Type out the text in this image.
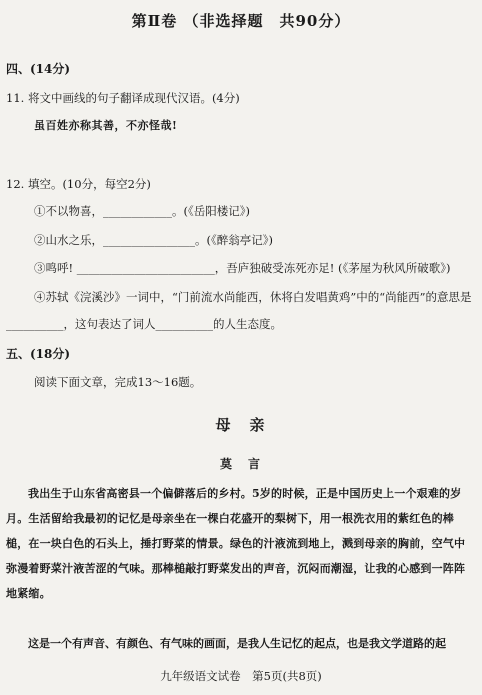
第Ⅱ卷 （非选择题　共90分）
四、(14分)
11. 将文中画线的句子翻译成现代汉语。(4分)
虽百姓亦称其善，不亦怪哉!
12. 填空。(10分，每空2分)
①不以物喜，____________。(《岳阳楼记》)
②山水之乐，________________。(《醉翁亭记》)
③鸣呼! ________________________，吾庐独破受冻死亦足! (《茅屋为秋风所破歌》)
④苏轼《浣溪沙》一词中，“门前流水尚能西，休将白发唱黄鸡”中的“尚能西”的意思是
__________，这句表达了词人__________的人生态度。
五、(18分)
阅读下面文章，完成13～16题。
母　亲
莫　言
我出生于山东省高密县一个偏僻落后的乡村。5岁的时候，正是中国历史上一个艰难的岁月。生活留给我最初的记忆是母亲坐在一棵白花盛开的梨树下，用一根洗衣用的紫红色的棒槌，在一块白色的石头上，捶打野菜的情景。绿色的汁液流到地上，溅到母亲的胸前，空气中弥漫着野菜汁液苦涩的气味。那棒槌敲打野菜发出的声音，沉闷而潮湿，让我的心感到一阵阵地紧缩。
这是一个有声音、有颜色、有气味的画面，是我人生记忆的起点，也是我文学道路的起
九年级语文试卷　第5页(共8页)
